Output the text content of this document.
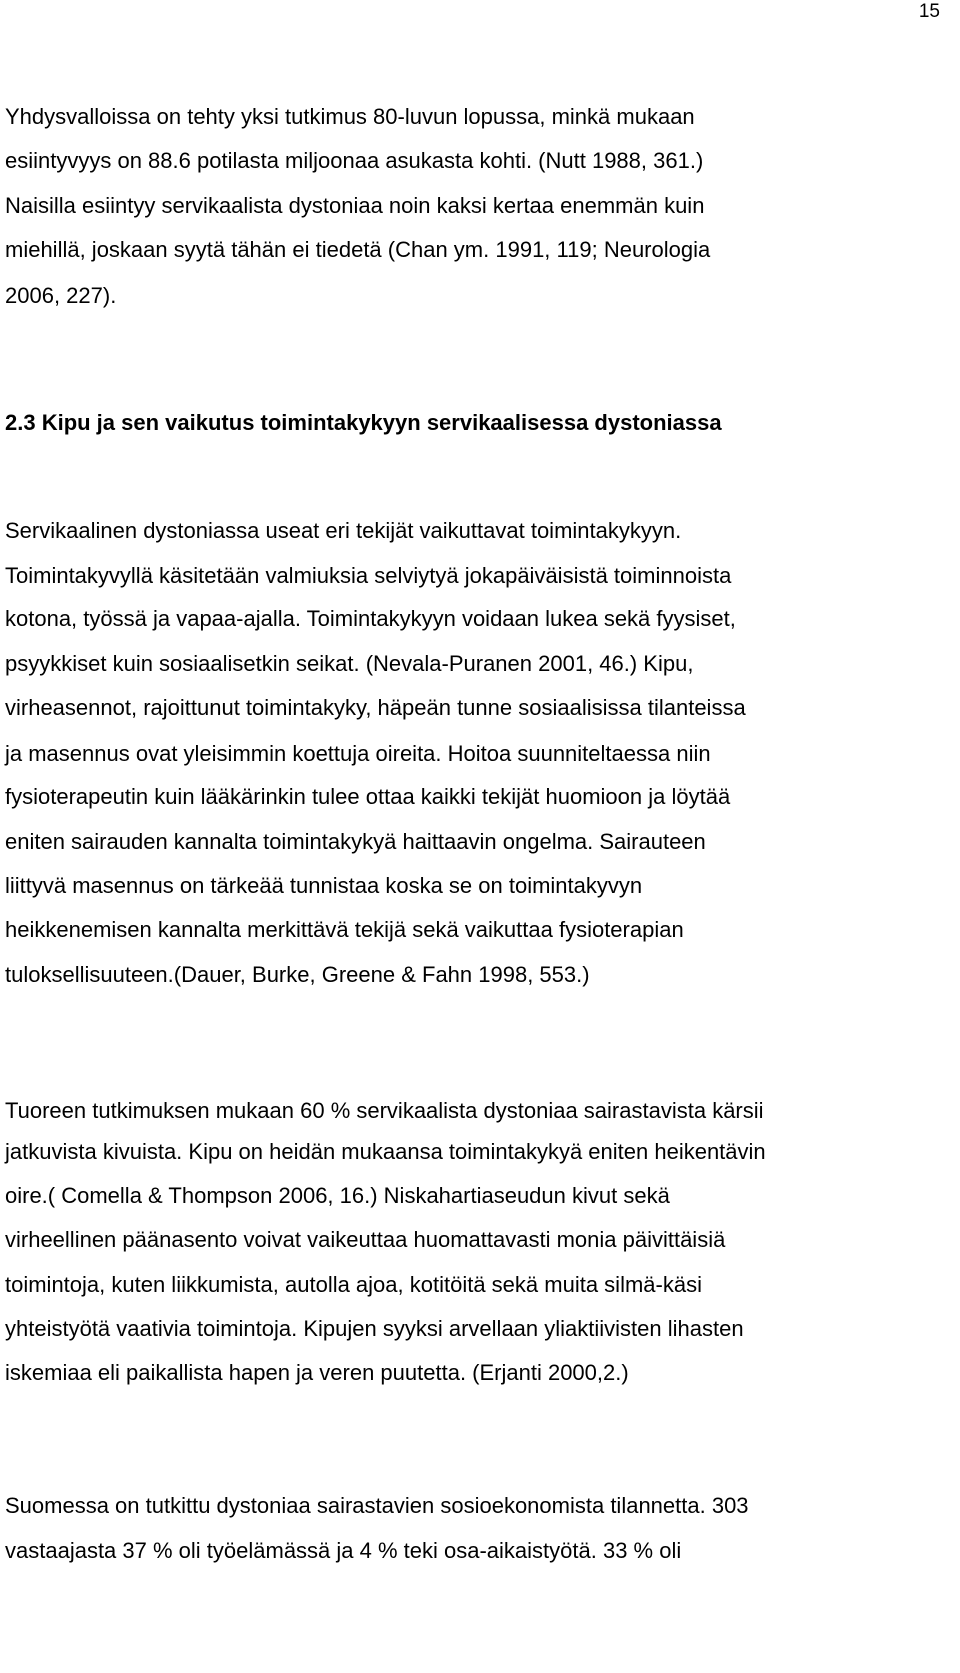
15
Yhdysvalloissa on tehty yksi tutkimus 80-luvun lopussa, minkä mukaan
esiintyvyys on 88.6 potilasta miljoonaa asukasta kohti. (Nutt 1988, 361.)
Naisilla esiintyy servikaalista dystoniaa noin kaksi kertaa enemmän kuin
miehillä, joskaan syytä tähän ei tiedetä (Chan ym. 1991, 119; Neurologia
2006, 227).
2.3 Kipu ja sen vaikutus toimintakykyyn servikaalisessa dystoniassa
Servikaalinen dystoniassa useat eri tekijät vaikuttavat toimintakykyyn.
Toimintakyvyllä käsitetään valmiuksia selviytyä jokapäiväisistä toiminnoista
kotona, työssä ja vapaa-ajalla. Toimintakykyyn voidaan lukea sekä fyysiset,
psyykkiset kuin sosiaalisetkin seikat. (Nevala-Puranen 2001, 46.) Kipu,
virheasennot, rajoittunut toimintakyky, häpeän tunne sosiaalisissa tilanteissa
ja masennus ovat yleisimmin koettuja oireita. Hoitoa suunniteltaessa niin
fysioterapeutin kuin lääkärinkin tulee ottaa kaikki tekijät huomioon ja löytää
eniten sairauden kannalta toimintakykyä haittaavin ongelma. Sairauteen
liittyvä masennus on tärkeää tunnistaa koska se on toimintakyvyn
heikkenemisen kannalta merkittävä tekijä sekä vaikuttaa fysioterapian
tuloksellisuuteen.(Dauer, Burke, Greene & Fahn 1998, 553.)
Tuoreen tutkimuksen mukaan 60 % servikaalista dystoniaa sairastavista kärsii
jatkuvista kivuista. Kipu on heidän mukaansa toimintakykyä eniten heikentävin
oire.( Comella & Thompson 2006, 16.) Niskahartiaseudun kivut sekä
virheellinen päänasento voivat vaikeuttaa huomattavasti monia päivittäisiä
toimintoja, kuten liikkumista, autolla ajoa, kotitöitä sekä muita silmä-käsi
yhteistyötä vaativia toimintoja. Kipujen syyksi arvellaan yliaktiivisten lihasten
iskemiaa eli paikallista hapen ja veren puutetta. (Erjanti 2000,2.)
Suomessa on tutkittu dystoniaa sairastavien sosioekonomista tilannetta. 303
vastaajasta 37 % oli työelämässä ja 4 % teki osa-aikaistyötä. 33 % oli
